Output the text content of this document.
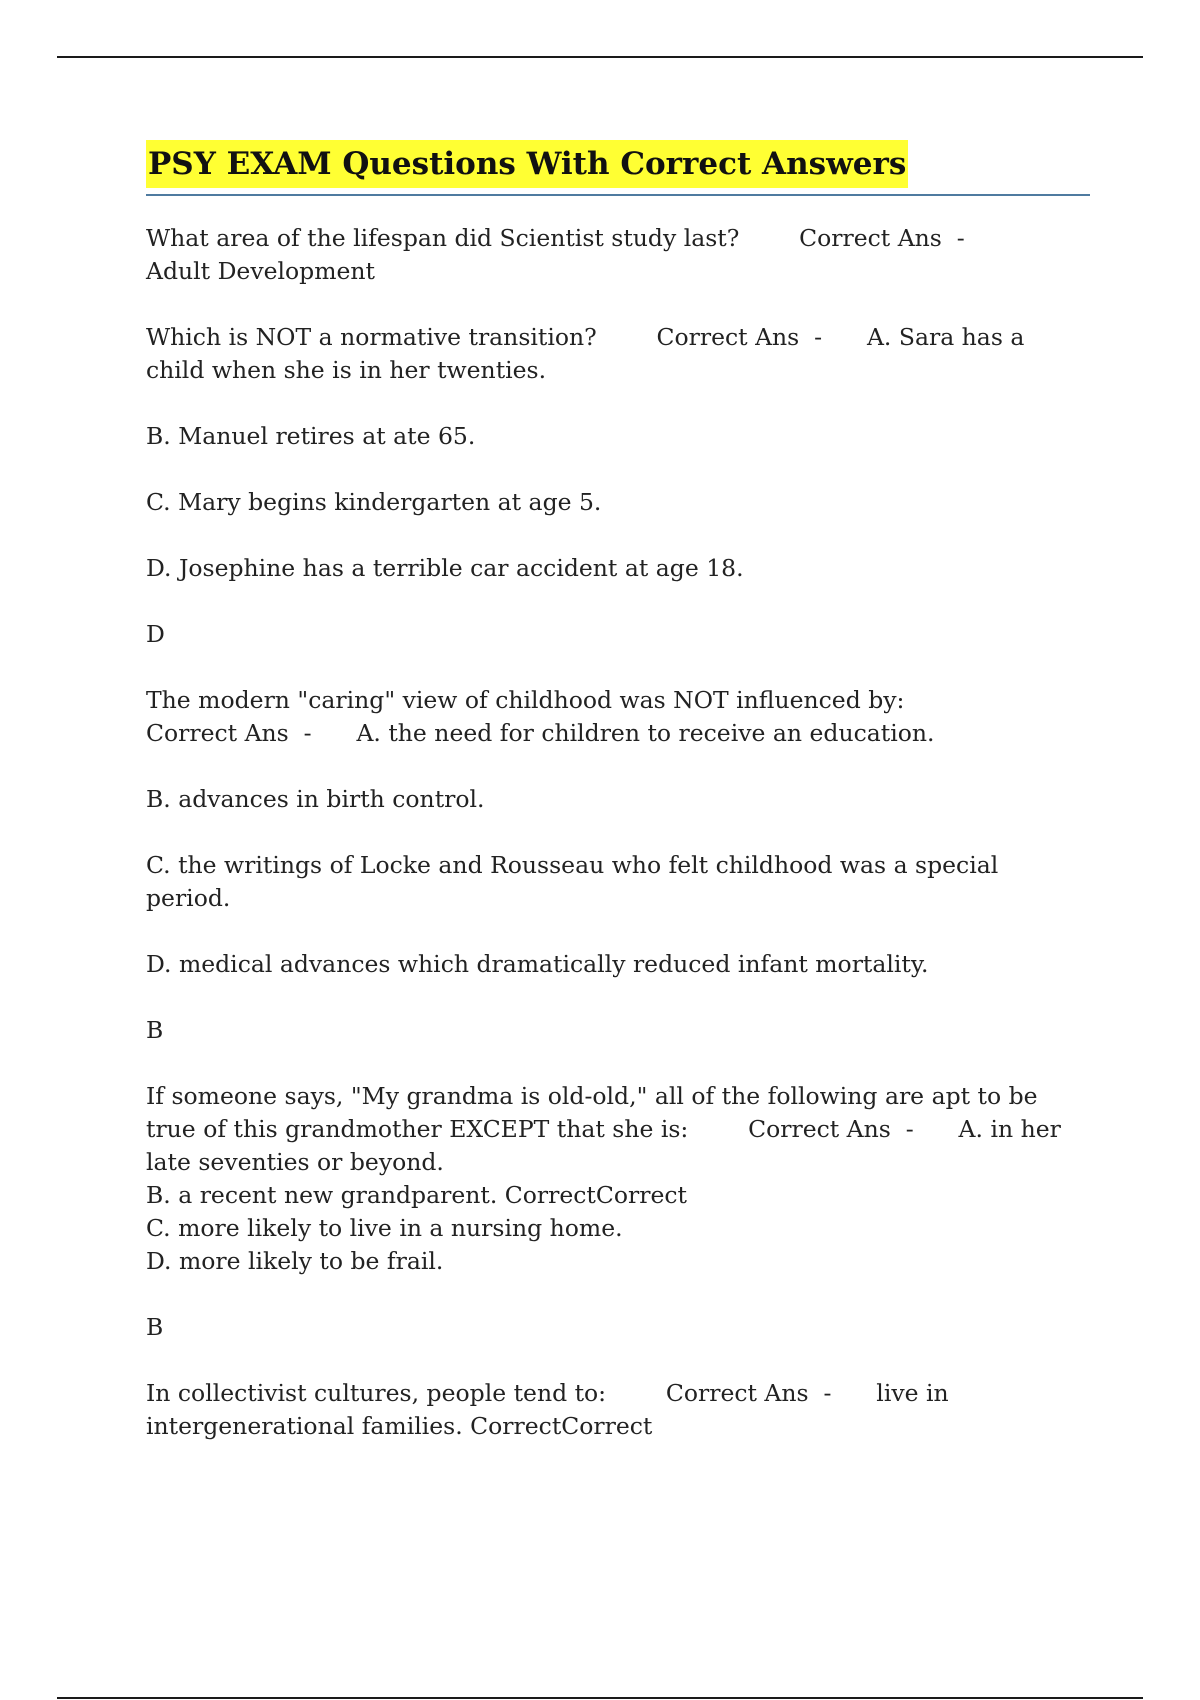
PSY EXAM Questions With Correct Answers
What area of the lifespan did Scientist study last?        Correct Ans  -
Adult Development
Which is NOT a normative transition?        Correct Ans  -      A. Sara has a
child when she is in her twenties.
B. Manuel retires at ate 65.
C. Mary begins kindergarten at age 5.
D. Josephine has a terrible car accident at age 18.
D
The modern "caring" view of childhood was NOT influenced by:
Correct Ans  -      A. the need for children to receive an education.
B. advances in birth control.
C. the writings of Locke and Rousseau who felt childhood was a special
period.
D. medical advances which dramatically reduced infant mortality.
B
If someone says, "My grandma is old-old," all of the following are apt to be
true of this grandmother EXCEPT that she is:        Correct Ans  -      A. in her
late seventies or beyond.
B. a recent new grandparent. CorrectCorrect
C. more likely to live in a nursing home.
D. more likely to be frail.
B
In collectivist cultures, people tend to:        Correct Ans  -      live in
intergenerational families. CorrectCorrect
